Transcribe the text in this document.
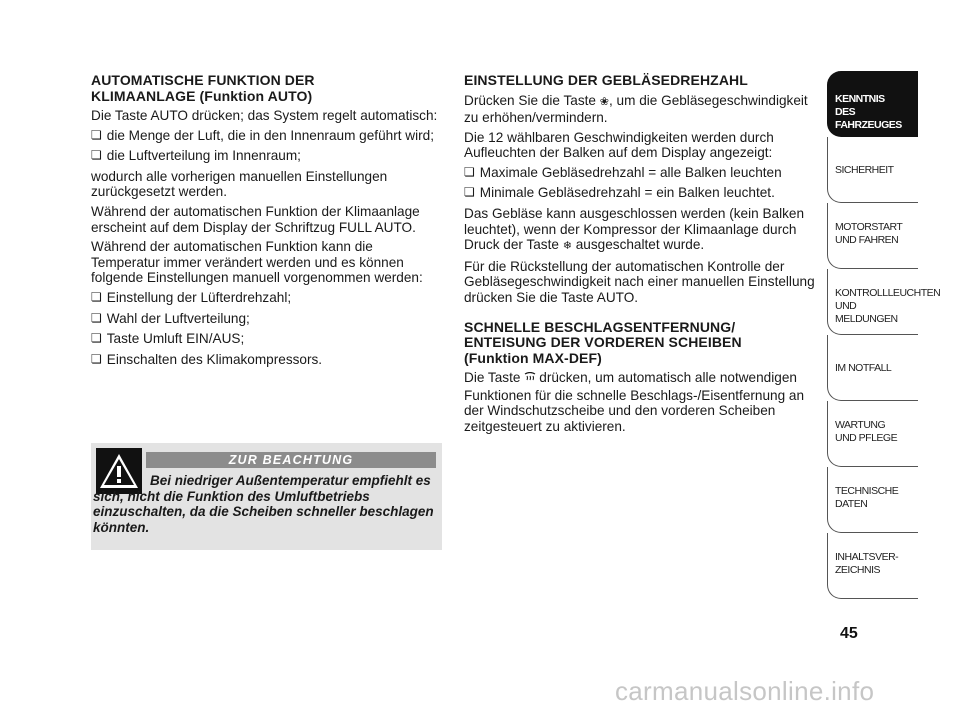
AUTOMATISCHE FUNKTION DER
KLIMAANLAGE (Funktion AUTO)

Die Taste AUTO drücken; das System regelt automatisch:

❏ die Menge der Luft, die in den Innenraum geführt wird;

❏ die Luftverteilung im Innenraum;

wodurch alle vorherigen manuellen Einstellungen zurückgesetzt werden.

Während der automatischen Funktion der Klimaanlage erscheint auf dem Display der Schriftzug FULL AUTO.

Während der automatischen Funktion kann die Temperatur immer verändert werden und es können folgende Einstellungen manuell vorgenommen werden:

❏ Einstellung der Lüfterdrehzahl;

❏ Wahl der Luftverteilung;

❏ Taste Umluft EIN/AUS;

❏ Einschalten des Klimakompressors.

ZUR BEACHTUNG
Bei niedriger Außentemperatur empfiehlt es sich, nicht die Funktion des Umluftbetriebs einzuschalten, da die Scheiben schneller beschlagen könnten.
EINSTELLUNG DER GEBLÄSEDREHZAHL

Drücken Sie die Taste ❀, um die Gebläsegeschwindigkeit zu erhöhen/vermindern.

Die 12 wählbaren Geschwindigkeiten werden durch Aufleuchten der Balken auf dem Display angezeigt:

❏ Maximale Gebläsedrehzahl = alle Balken leuchten

❏ Minimale Gebläsedrehzahl = ein Balken leuchtet.

Das Gebläse kann ausgeschlossen werden (kein Balken leuchtet), wenn der Kompressor der Klimaanlage durch Druck der Taste ❄ ausgeschaltet wurde.

Für die Rückstellung der automatischen Kontrolle der Gebläsegeschwindigkeit nach einer manuellen Einstellung drücken Sie die Taste AUTO.

SCHNELLE BESCHLAGSENTFERNUNG/
ENTEISUNG DER VORDEREN SCHEIBEN
(Funktion MAX-DEF)

Die Taste drücken, um automatisch alle notwendigen Funktionen für die schnelle Beschlags-/Eisentfernung an der Windschutzscheibe und den vorderen Scheiben zeitgesteuert zu aktivieren.

KENNTNIS
DES FAHRZEUGES
SICHERHEIT
MOTORSTART
UND FAHREN
KONTROLLLEUCHTEN
UND MELDUNGEN
IM NOTFALL
WARTUNG
UND PFLEGE
TECHNISCHE
DATEN
INHALTSVER-
ZEICHNIS
45
carmanualsonline.info
